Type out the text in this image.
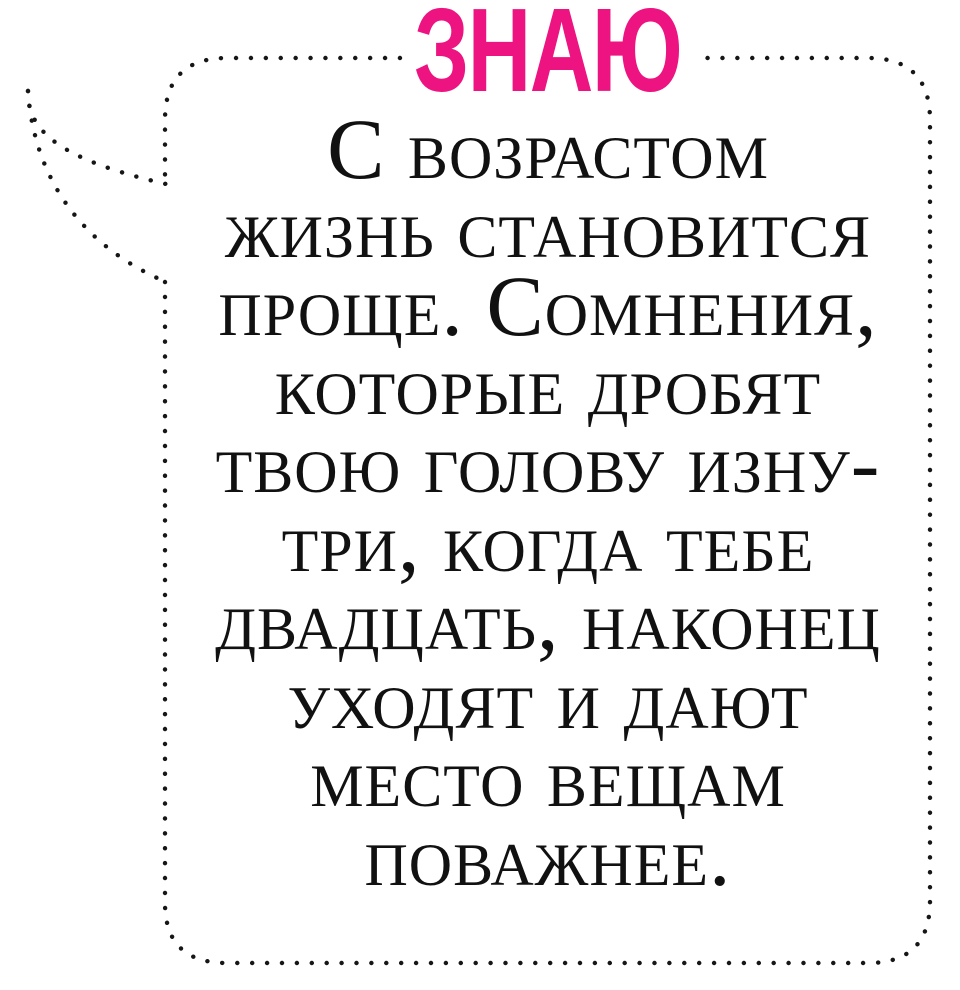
ЗНАЮ
С возрастом
жизнь становится
проще. Сомнения,
которые дробят
твою голову изну-
три, когда тебе
двадцать, наконец
уходят и дают
место вещам
поважнее.
